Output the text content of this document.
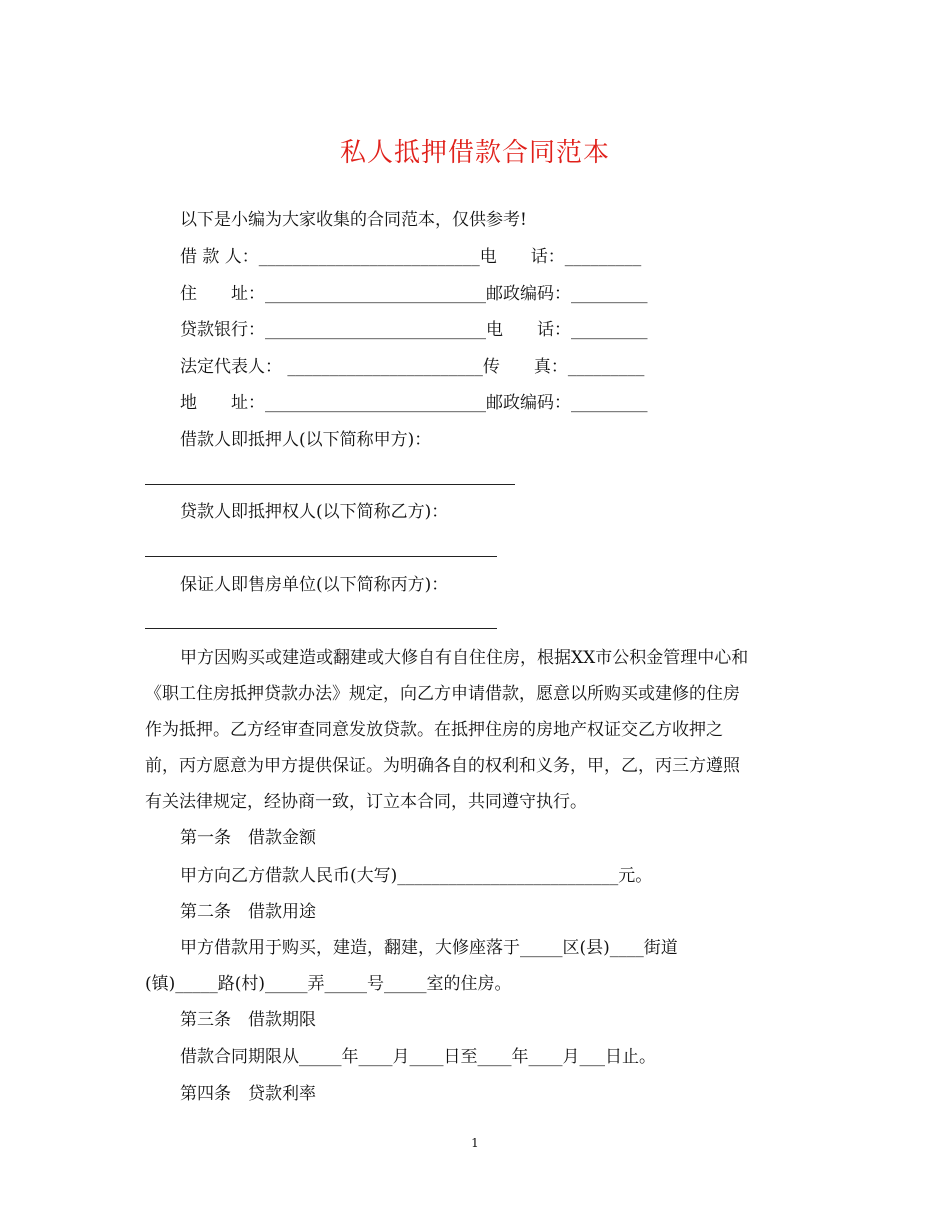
私人抵押借款合同范本
以下是小编为大家收集的合同范本，仅供参考!
借 款 人：__________________________电　　话：_________
住　　址：__________________________邮政编码：_________
贷款银行：__________________________电　　话：_________
法定代表人： _______________________传　　真：_________
地　　址：__________________________邮政编码：_________
借款人即抵押人(以下简称甲方)：
贷款人即抵押权人(以下简称乙方)：
保证人即售房单位(以下简称丙方)：
甲方因购买或建造或翻建或大修自有自住住房，根据XX市公积金管理中心和
《职工住房抵押贷款办法》规定，向乙方申请借款，愿意以所购买或建修的住房
作为抵押。乙方经审查同意发放贷款。在抵押住房的房地产权证交乙方收押之
前，丙方愿意为甲方提供保证。为明确各自的权利和义务，甲，乙，丙三方遵照
有关法律规定，经协商一致，订立本合同，共同遵守执行。
第一条　借款金额
甲方向乙方借款人民币(大写)__________________________元。
第二条　借款用途
甲方借款用于购买，建造，翻建，大修座落于_____区(县)____街道
(镇)_____路(村)_____弄_____号_____室的住房。
第三条　借款期限
借款合同期限从_____年____月____日至____年____月___日止。
第四条　贷款利率
1
